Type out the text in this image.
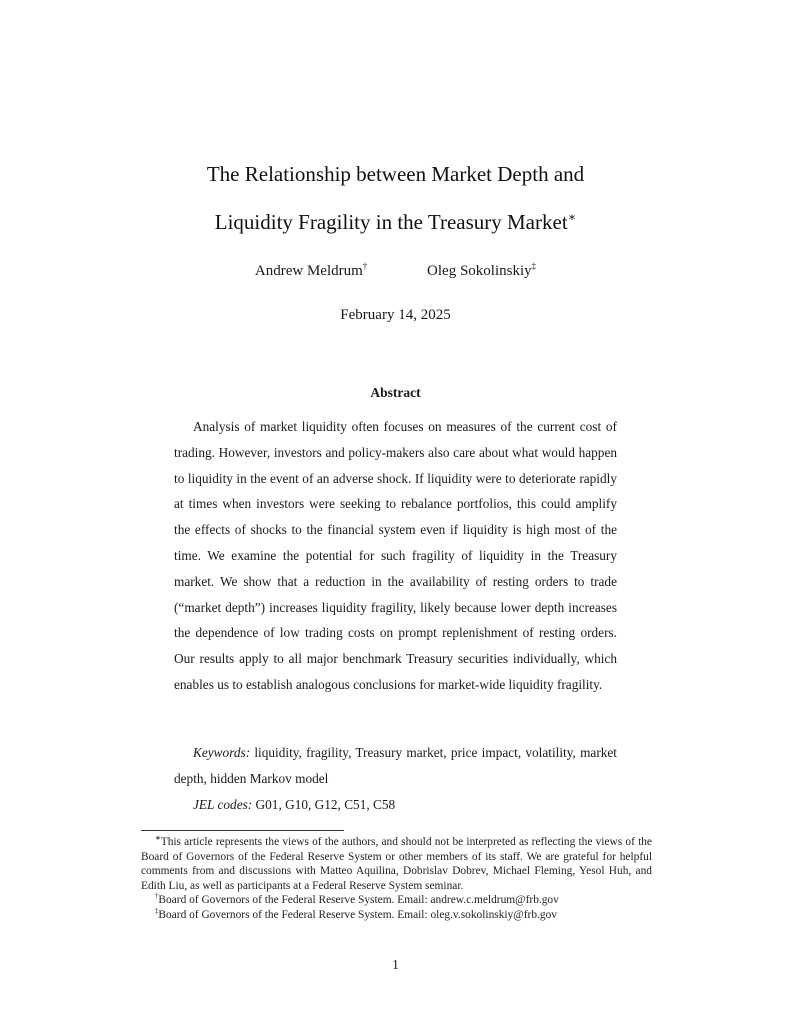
The Relationship between Market Depth and
Liquidity Fragility in the Treasury Market∗
Andrew Meldrum†	Oleg Sokolinskiy‡
February 14, 2025
Abstract

Analysis of market liquidity often focuses on measures of the current cost of trading. However, investors and policy-makers also care about what would happen to liquidity in the event of an adverse shock. If liquidity were to deteriorate rapidly at times when investors were seeking to rebalance portfolios, this could amplify the effects of shocks to the financial system even if liquidity is high most of the time. We examine the potential for such fragility of liquidity in the Treasury market. We show that a reduction in the availability of resting orders to trade (“market depth”) increases liquidity fragility, likely because lower depth increases the dependence of low trading costs on prompt replenishment of resting orders. Our results apply to all major benchmark Treasury securities individually, which enables us to establish analogous conclusions for market-wide liquidity fragility.

Keywords: liquidity, fragility, Treasury market, price impact, volatility, market depth, hidden Markov model

JEL codes: G01, G10, G12, C51, C58

∗This article represents the views of the authors, and should not be interpreted as reflecting the views of the Board of Governors of the Federal Reserve System or other members of its staff. We are grateful for helpful comments from and discussions with Matteo Aquilina, Dobrislav Dobrev, Michael Fleming, Yesol Huh, and Edith Liu, as well as participants at a Federal Reserve System seminar.

†Board of Governors of the Federal Reserve System. Email: andrew.c.meldrum@frb.gov

‡Board of Governors of the Federal Reserve System. Email: oleg.v.sokolinskiy@frb.gov

1
